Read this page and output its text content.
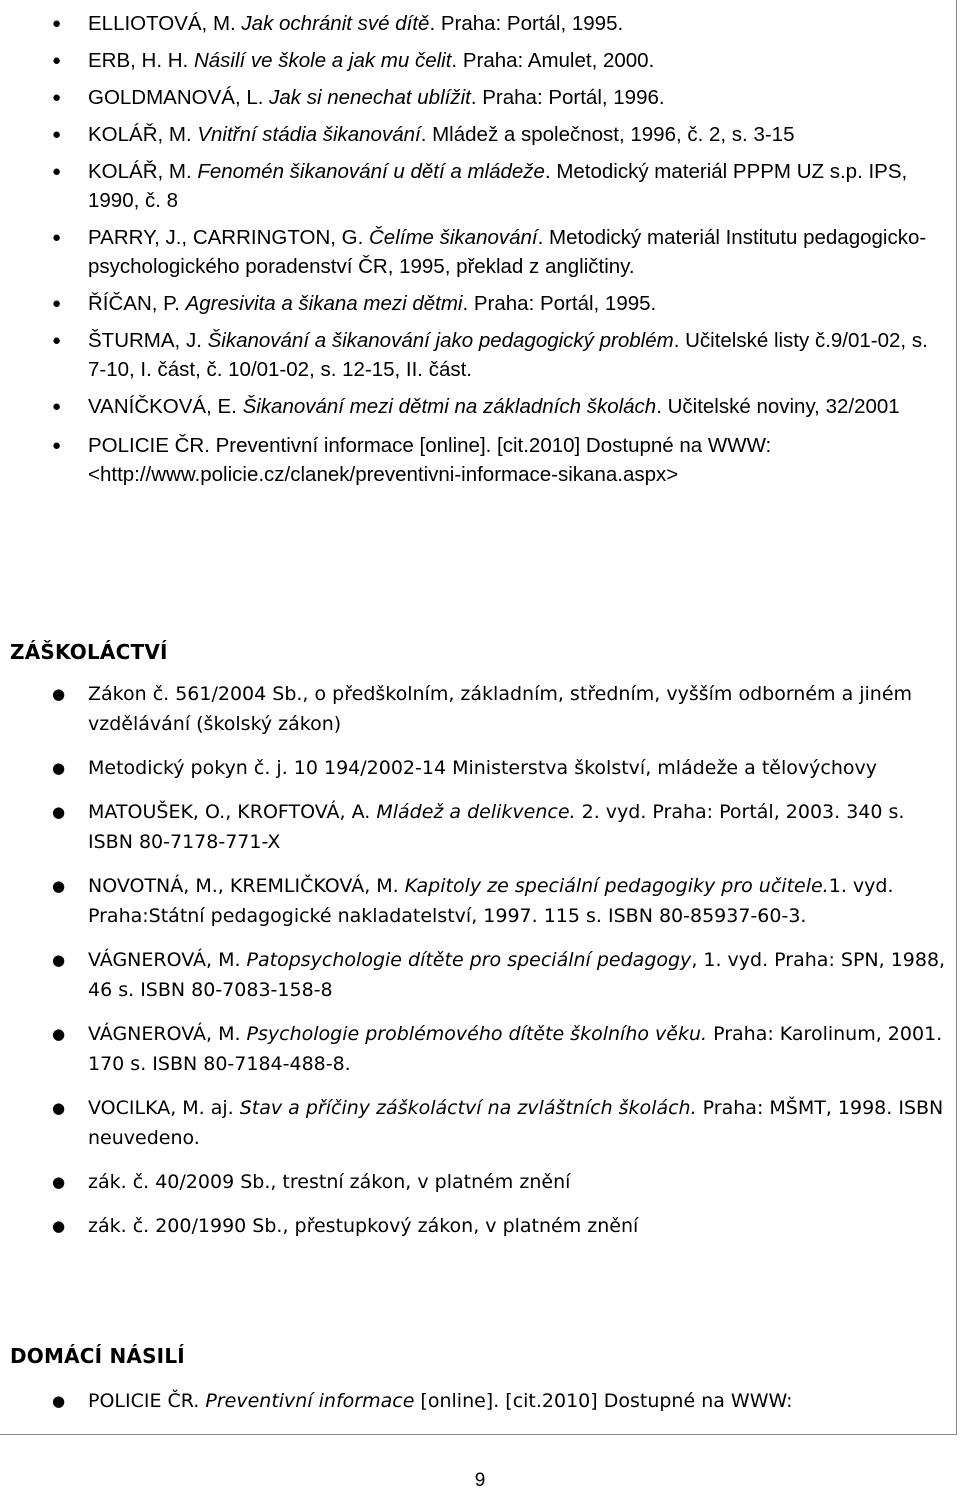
● ELLIOTOVÁ, M. Jak ochránit své dítě. Praha: Portál, 1995.
● ERB, H. H. Násilí ve škole a jak mu čelit. Praha: Amulet, 2000.
● GOLDMANOVÁ, L. Jak si nenechat ublížit. Praha: Portál, 1996.
● KOLÁŘ, M. Vnitřní stádia šikanování. Mládež a společnost, 1996, č. 2, s. 3-15
● KOLÁŘ, M. Fenomén šikanování u dětí a mládeže. Metodický materiál PPPM UZ s.p. IPS, 1990, č. 8
● PARRY, J., CARRINGTON, G. Čelíme šikanování. Metodický materiál Institutu pedagogicko-psychologického poradenství ČR, 1995, překlad z angličtiny.
● ŘÍČAN, P. Agresivita a šikana mezi dětmi. Praha: Portál, 1995.
● ŠTURMA, J. Šikanování a šikanování jako pedagogický problém. Učitelské listy č.9/01-02, s. 7-10, I. část, č. 10/01-02, s. 12-15, II. část.
● VANÍČKOVÁ, E. Šikanování mezi dětmi na základních školách. Učitelské noviny, 32/2001
● POLICIE ČR. Preventivní informace [online]. [cit.2010] Dostupné na WWW:<http://www.policie.cz/clanek/preventivni-informace-sikana.aspx>
ZÁŠKOLÁCTVÍ
● Zákon č. 561/2004 Sb., o předškolním, základním, středním, vyšším odborném a jiném vzdělávání (školský zákon)
● Metodický pokyn č. j. 10 194/2002-14 Ministerstva školství, mládeže a tělovýchovy
● MATOUŠEK, O., KROFTOVÁ, A. Mládež a delikvence. 2. vyd. Praha: Portál, 2003. 340 s. ISBN 80-7178-771-X
● NOVOTNÁ, M., KREMLIČKOVÁ, M. Kapitoly ze speciální pedagogiky pro učitele.1. vyd. Praha:Státní pedagogické nakladatelství, 1997. 115 s. ISBN 80-85937-60-3.
● VÁGNEROVÁ, M. Patopsychologie dítěte pro speciální pedagogy, 1. vyd. Praha: SPN, 1988, 46 s. ISBN 80-7083-158-8
● VÁGNEROVÁ, M. Psychologie problémového dítěte školního věku. Praha: Karolinum, 2001. 170 s. ISBN 80-7184-488-8.
● VOCILKA, M. aj. Stav a příčiny záškoláctví na zvláštních školách. Praha: MŠMT, 1998. ISBN neuvedeno.
● zák. č. 40/2009 Sb., trestní zákon, v platném znění
● zák. č. 200/1990 Sb., přestupkový zákon, v platném znění
DOMÁCÍ NÁSILÍ
● POLICIE ČR. Preventivní informace [online]. [cit.2010] Dostupné na WWW:
9
